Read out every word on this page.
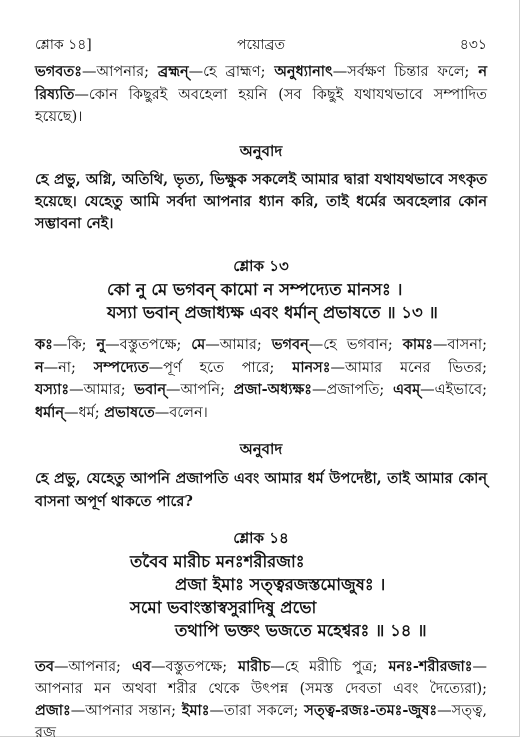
শ্লোক ১৪]	পয়োব্রত	৪৩১
ভগবতঃ—আপনার; ব্রহ্মন্—হে ব্রাহ্মণ; অনুধ্যানাৎ—সর্বক্ষণ চিন্তার ফলে; ন
রিষ্যতি—কোন কিছুরই অবহেলা হয়নি (সব কিছুই যথাযথভাবে সম্পাদিত
হয়েছে)।
অনুবাদ
হে প্রভু, অগ্নি, অতিথি, ভৃত্য, ভিক্ষুক সকলেই আমার দ্বারা যথাযথভাবে সৎকৃত
হয়েছে। যেহেতু আমি সর্বদা আপনার ধ্যান করি, তাই ধর্মের অবহেলার কোন
সম্ভাবনা নেই।
শ্লোক ১৩
কো নু মে ভগবন্ কামো ন সম্পদ্যেত মানসঃ ।
যস্যা ভবান্ প্রজাধ্যক্ষ এবং ধর্মান্ প্রভাষতে ॥ ১৩ ॥
কঃ—কি; নু—বস্তুতপক্ষে; মে—আমার; ভগবন্—হে ভগবান; কামঃ—বাসনা;
ন—না; সম্পদ্যেত—পূর্ণ হতে পারে; মানসঃ—আমার মনের ভিতর;
যস্যাঃ—আমার; ভবান্—আপনি; প্রজা-অধ্যক্ষঃ—প্রজাপতি; এবম্—এইভাবে;
ধর্মান্—ধর্ম; প্রভাষতে—বলেন।
অনুবাদ
হে প্রভু, যেহেতু আপনি প্রজাপতি এবং আমার ধর্ম উপদেষ্টা, তাই আমার কোন্
বাসনা অপূর্ণ থাকতে পারে?
শ্লোক ১৪
তবৈব মারীচ মনঃশরীরজাঃ
প্রজা ইমাঃ সত্ত্বরজস্তমোজুষঃ ।
সমো ভবাংস্তাস্বসুরাদিষু প্রভো
তথাপি ভক্তং ভজতে মহেশ্বরঃ ॥ ১৪ ॥
তব—আপনার; এব—বস্তুতপক্ষে; মারীচ—হে মরীচি পুত্র; মনঃ-শরীরজাঃ—
আপনার মন অথবা শরীর থেকে উৎপন্ন (সমস্ত দেবতা এবং দৈত্যেরা);
প্রজাঃ—আপনার সন্তান; ইমাঃ—তারা সকলে; সত্ত্ব-রজঃ-তমঃ-জুষঃ—সত্ত্ব, রজ
